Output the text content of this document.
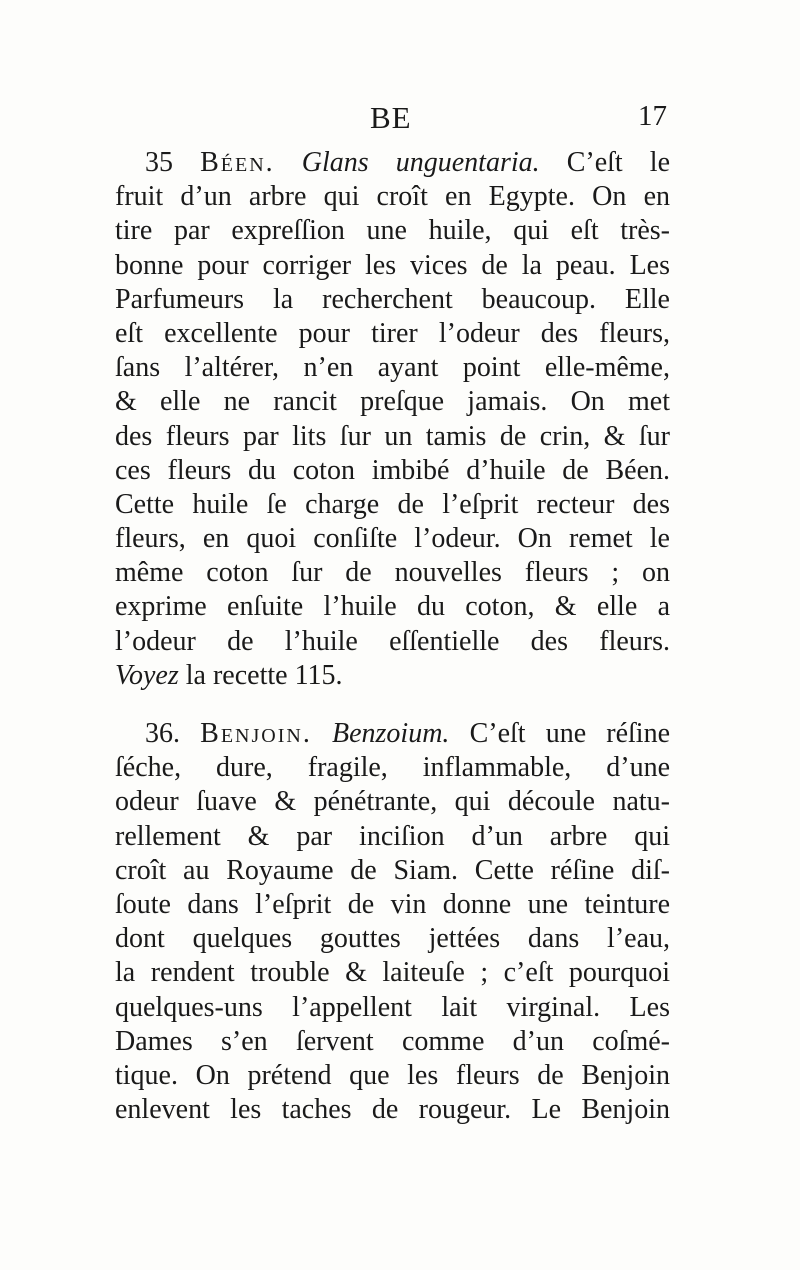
BE	17
35 Béen. Glans unguentaria. C’eſt le
fruit d’un arbre qui croît en Egypte. On en
tire par expreſſion une huile, qui eſt très-
bonne pour corriger les vices de la peau. Les
Parfumeurs la recherchent beaucoup. Elle
eſt excellente pour tirer l’odeur des fleurs,
ſans l’altérer, n’en ayant point elle-même,
& elle ne rancit preſque jamais. On met
des fleurs par lits ſur un tamis de crin, & ſur
ces fleurs du coton imbibé d’huile de Béen.
Cette huile ſe charge de l’eſprit recteur des
fleurs, en quoi conſiſte l’odeur. On remet le
même coton ſur de nouvelles fleurs ; on
exprime enſuite l’huile du coton, & elle a
l’odeur de l’huile eſſentielle des fleurs.
Voyez la recette 115.
36. Benjoin. Benzoium. C’eſt une réſine
ſéche, dure, fragile, inflammable, d’une
odeur ſuave & pénétrante, qui découle natu-
rellement & par inciſion d’un arbre qui
croît au Royaume de Siam. Cette réſine diſ-
ſoute dans l’eſprit de vin donne une teinture
dont quelques gouttes jettées dans l’eau,
la rendent trouble & laiteuſe ; c’eſt pourquoi
quelques-uns l’appellent lait virginal. Les
Dames s’en ſervent comme d’un coſmé-
tique. On prétend que les fleurs de Benjoin
enlevent les taches de rougeur. Le Benjoin
